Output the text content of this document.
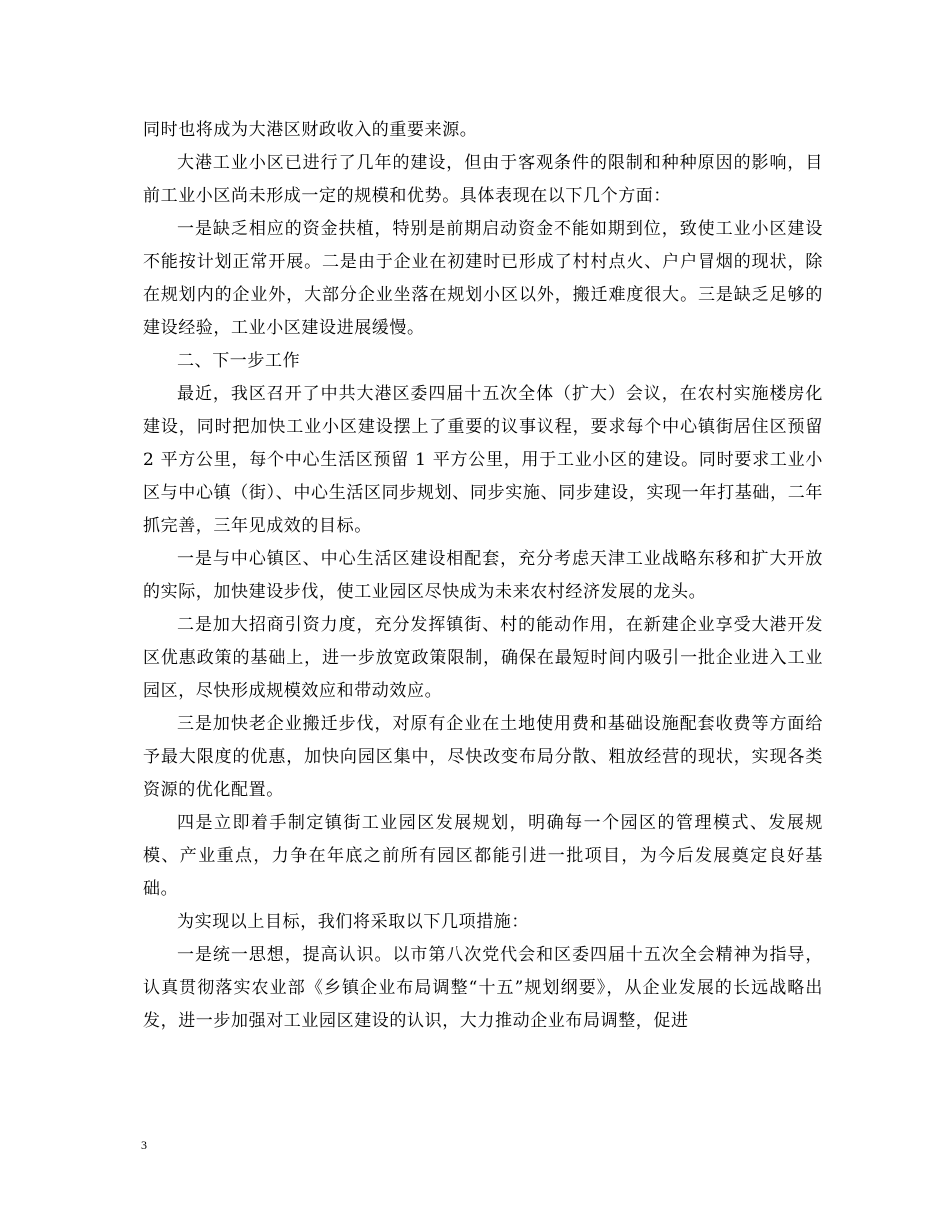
同时也将成为大港区财政收入的重要来源。

大港工业小区已进行了几年的建设，但由于客观条件的限制和种种原因的影响，目前工业小区尚未形成一定的规模和优势。具体表现在以下几个方面：

一是缺乏相应的资金扶植，特别是前期启动资金不能如期到位，致使工业小区建设不能按计划正常开展。二是由于企业在初建时已形成了村村点火、户户冒烟的现状，除在规划内的企业外，大部分企业坐落在规划小区以外，搬迁难度很大。三是缺乏足够的建设经验，工业小区建设进展缓慢。

二、下一步工作

最近，我区召开了中共大港区委四届十五次全体（扩大）会议，在农村实施楼房化建设，同时把加快工业小区建设摆上了重要的议事议程，要求每个中心镇街居住区预留 2 平方公里，每个中心生活区预留 1 平方公里，用于工业小区的建设。同时要求工业小区与中心镇（街）、中心生活区同步规划、同步实施、同步建设，实现一年打基础，二年抓完善，三年见成效的目标。

一是与中心镇区、中心生活区建设相配套，充分考虑天津工业战略东移和扩大开放的实际，加快建设步伐，使工业园区尽快成为未来农村经济发展的龙头。

二是加大招商引资力度，充分发挥镇街、村的能动作用，在新建企业享受大港开发区优惠政策的基础上，进一步放宽政策限制，确保在最短时间内吸引一批企业进入工业园区，尽快形成规模效应和带动效应。

三是加快老企业搬迁步伐，对原有企业在土地使用费和基础设施配套收费等方面给予最大限度的优惠，加快向园区集中，尽快改变布局分散、粗放经营的现状，实现各类资源的优化配置。

四是立即着手制定镇街工业园区发展规划，明确每一个园区的管理模式、发展规模、产业重点，力争在年底之前所有园区都能引进一批项目，为今后发展奠定良好基础。

为实现以上目标，我们将采取以下几项措施：

一是统一思想，提高认识。以市第八次党代会和区委四届十五次全会精神为指导，认真贯彻落实农业部《乡镇企业布局调整“十五”规划纲要》，从企业发展的长远战略出发，进一步加强对工业园区建设的认识，大力推动企业布局调整，促进

3
